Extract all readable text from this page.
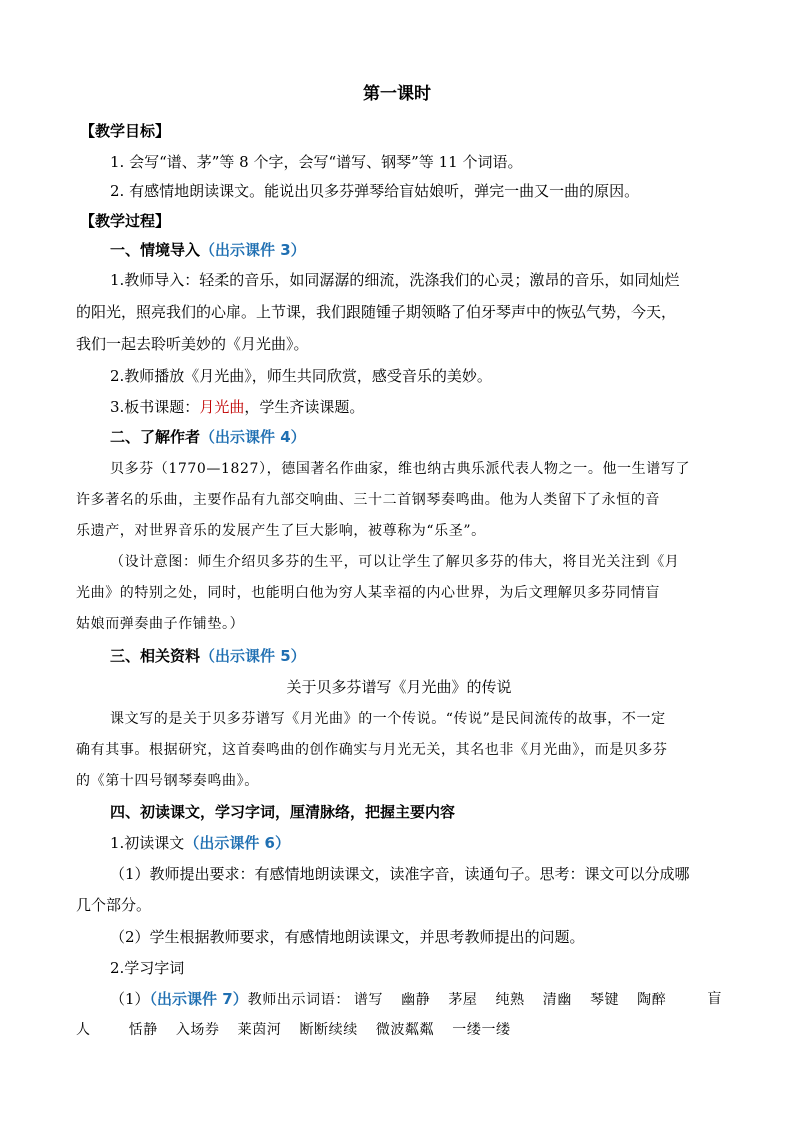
第一课时
【教学目标】
1. 会写“谱、茅”等 8 个字，会写“谱写、钢琴”等 11 个词语。
2. 有感情地朗读课文。能说出贝多芬弹琴给盲姑娘听，弹完一曲又一曲的原因。
【教学过程】
一、情境导入（出示课件 3）
1.教师导入：轻柔的音乐，如同潺潺的细流，洗涤我们的心灵；激昂的音乐，如同灿烂
的阳光，照亮我们的心扉。上节课，我们跟随锺子期领略了伯牙琴声中的恢弘气势，今天，
我们一起去聆听美妙的《月光曲》。
2.教师播放《月光曲》，师生共同欣赏，感受音乐的美妙。
3.板书课题：月光曲，学生齐读课题。
二、了解作者（出示课件 4）
贝多芬（1770—1827），德国著名作曲家，维也纳古典乐派代表人物之一。他一生谱写了
许多著名的乐曲，主要作品有九部交响曲、三十二首钢琴奏鸣曲。他为人类留下了永恒的音
乐遗产，对世界音乐的发展产生了巨大影响，被尊称为“乐圣”。
（设计意图：师生介绍贝多芬的生平，可以让学生了解贝多芬的伟大，将目光关注到《月
光曲》的特别之处，同时，也能明白他为穷人某幸福的内心世界，为后文理解贝多芬同情盲
姑娘而弹奏曲子作铺垫。）
三、相关资料（出示课件 5）
关于贝多芬谱写《月光曲》的传说
课文写的是关于贝多芬谱写《月光曲》的一个传说。“传说”是民间流传的故事，不一定
确有其事。根据研究，这首奏鸣曲的创作确实与月光无关，其名也非《月光曲》，而是贝多芬
的《第十四号钢琴奏鸣曲》。
四、初读课文，学习字词，厘清脉络，把握主要内容
1.初读课文（出示课件 6）
（1）教师提出要求：有感情地朗读课文，读准字音，读通句子。思考：课文可以分成哪
几个部分。
（2）学生根据教师要求，有感情地朗读课文，并思考教师提出的问题。
2.学习字词
（1）（出示课件 7）教师出示词语： 谱写 幽静 茅屋 纯熟 清幽 琴键 陶醉	盲
人	恬静 入场券 莱茵河 断断续续 微波粼粼 一缕一缕
